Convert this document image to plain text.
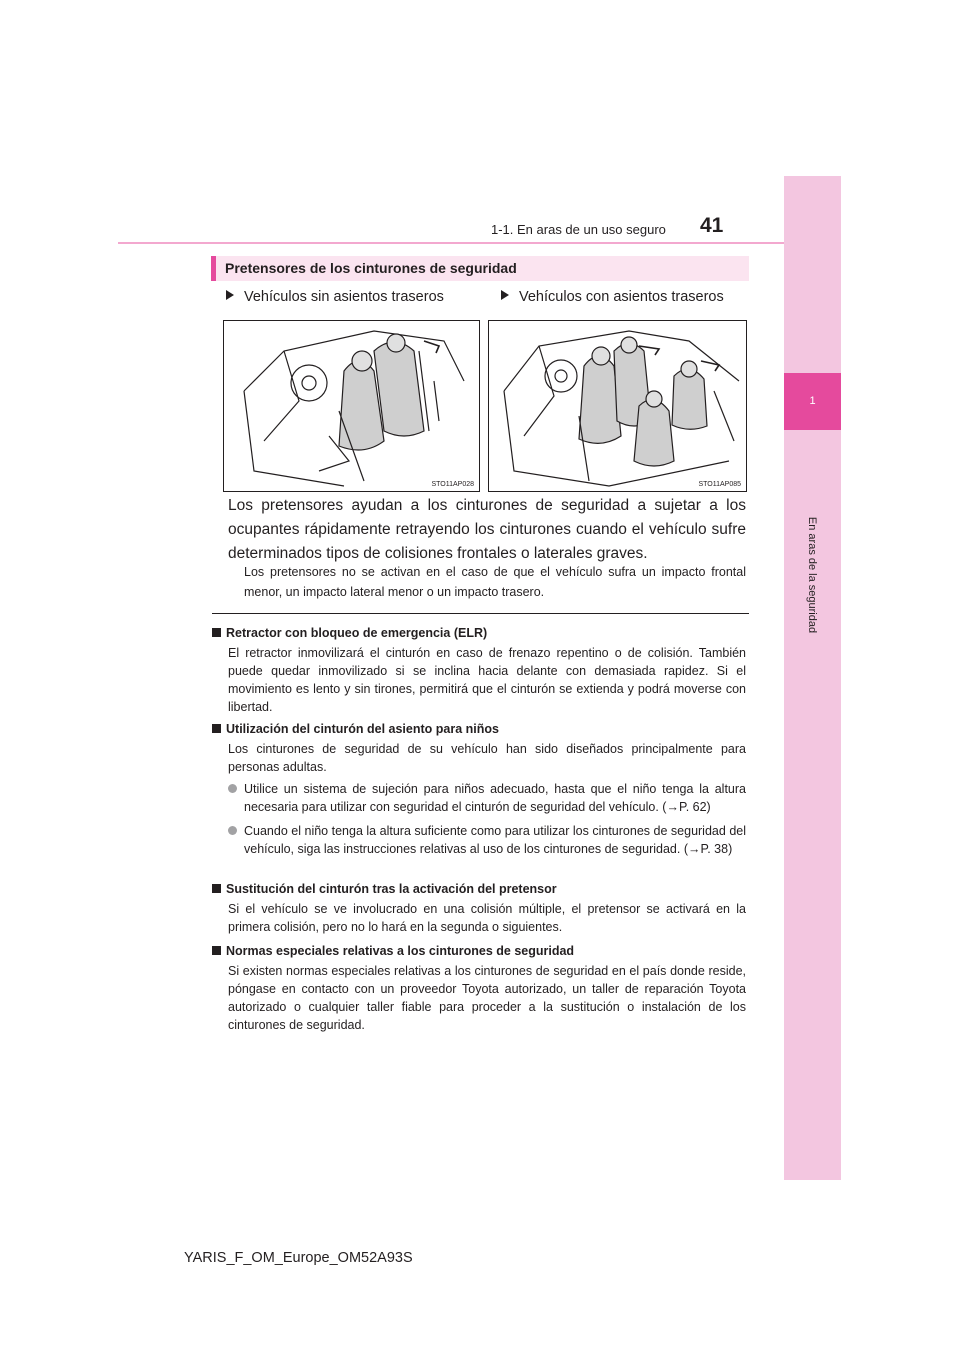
1
En aras de la seguridad
1-1. En aras de un uso seguro 41
Pretensores de los cinturones de seguridad
Vehículos sin asientos traseros	Vehículos con asientos traseros
STO11AP028	STO11AP085
Los pretensores ayudan a los cinturones de seguridad a sujetar a los ocupantes rápidamente retrayendo los cinturones cuando el vehículo sufre determinados tipos de colisiones frontales o laterales graves.
Los pretensores no se activan en el caso de que el vehículo sufra un impacto frontal menor, un impacto lateral menor o un impacto trasero.
Retractor con bloqueo de emergencia (ELR)
El retractor inmovilizará el cinturón en caso de frenazo repentino o de colisión. También puede quedar inmovilizado si se inclina hacia delante con demasiada rapidez. Si el movimiento es lento y sin tirones, permitirá que el cinturón se extienda y podrá moverse con libertad.
Utilización del cinturón del asiento para niños
Los cinturones de seguridad de su vehículo han sido diseñados principalmente para personas adultas.
Utilice un sistema de sujeción para niños adecuado, hasta que el niño tenga la altura necesaria para utilizar con seguridad el cinturón de seguridad del vehículo. (→P. 62)
Cuando el niño tenga la altura suficiente como para utilizar los cinturones de seguridad del vehículo, siga las instrucciones relativas al uso de los cinturones de seguridad. (→P. 38)
Sustitución del cinturón tras la activación del pretensor
Si el vehículo se ve involucrado en una colisión múltiple, el pretensor se activará en la primera colisión, pero no lo hará en la segunda o siguientes.
Normas especiales relativas a los cinturones de seguridad
Si existen normas especiales relativas a los cinturones de seguridad en el país donde reside, póngase en contacto con un proveedor Toyota autorizado, un taller de reparación Toyota autorizado o cualquier taller fiable para proceder a la sustitución o instalación de los cinturones de seguridad.
YARIS_F_OM_Europe_OM52A93S
